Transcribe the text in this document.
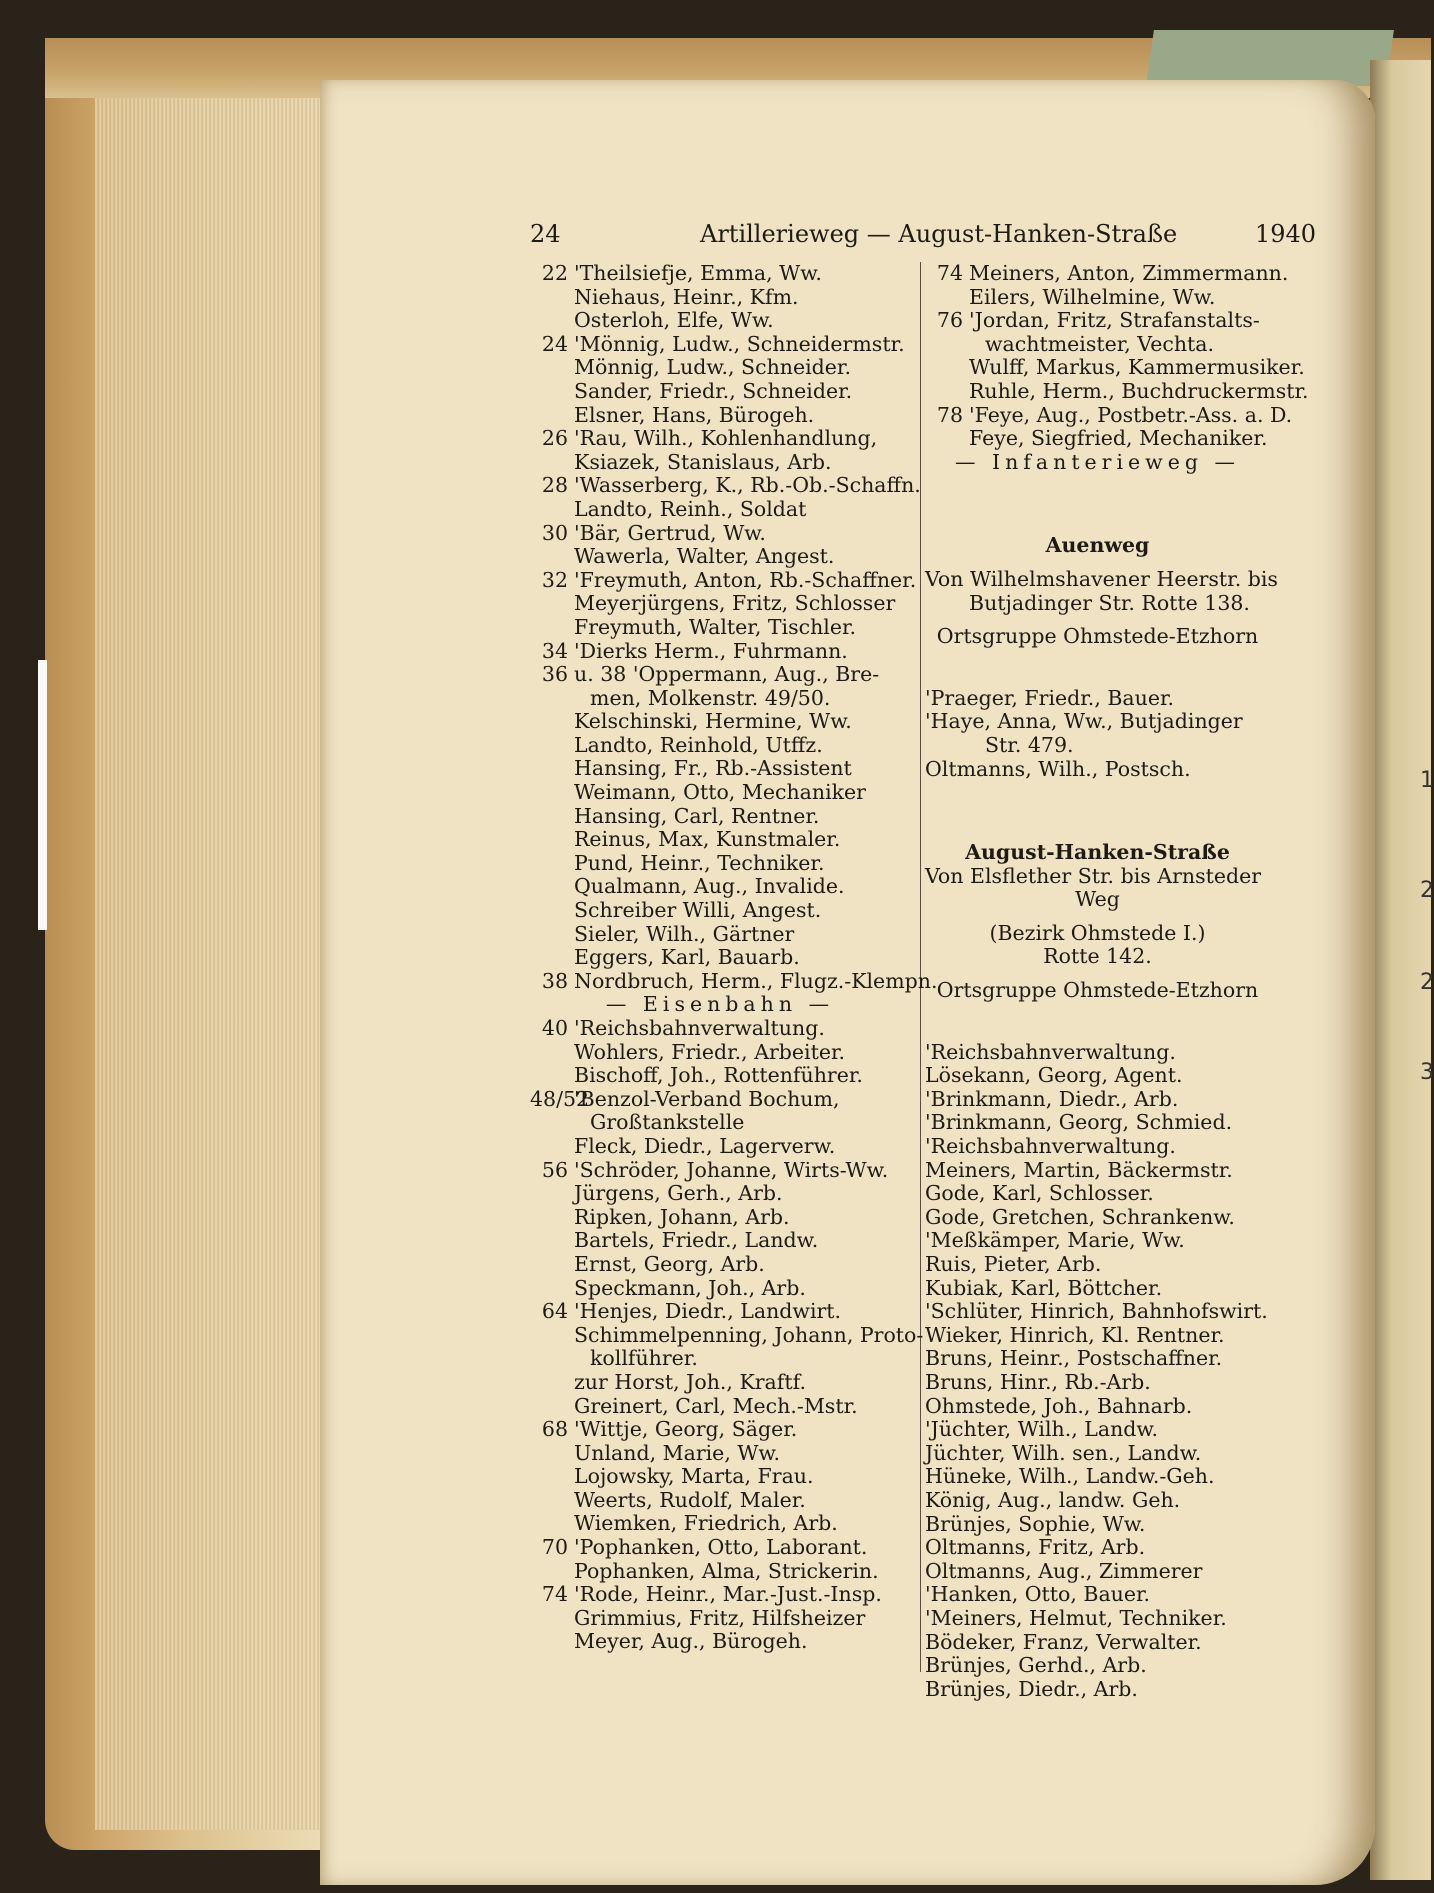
1
2
2
3
24	Artillerieweg — August-Hanken-Straße	1940
22 'Theilsiefje, Emma, Ww.
Niehaus, Heinr., Kfm.
Osterloh, Elfe, Ww.
24 'Mönnig, Ludw., Schneidermstr.
Mönnig, Ludw., Schneider.
Sander, Friedr., Schneider.
Elsner, Hans, Bürogeh.
26 'Rau, Wilh., Kohlenhandlung,
Ksiazek, Stanislaus, Arb.
28 'Wasserberg, K., Rb.-Ob.-Schaffn.
Landto, Reinh., Soldat
30 'Bär, Gertrud, Ww.
Wawerla, Walter, Angest.
32 'Freymuth, Anton, Rb.-Schaffner.
Meyerjürgens, Fritz, Schlosser
Freymuth, Walter, Tischler.
34 'Dierks Herm., Fuhrmann.
36 u. 38 'Oppermann, Aug., Bre-
men, Molkenstr. 49/50.
Kelschinski, Hermine, Ww.
Landto, Reinhold, Utffz.
Hansing, Fr., Rb.-Assistent
Weimann, Otto, Mechaniker
Hansing, Carl, Rentner.
Reinus, Max, Kunstmaler.
Pund, Heinr., Techniker.
Qualmann, Aug., Invalide.
Schreiber Willi, Angest.
Sieler, Wilh., Gärtner
Eggers, Karl, Bauarb.
38 Nordbruch, Herm., Flugz.-Klempn.
— Eisenbahn —
40 'Reichsbahnverwaltung.
Wohlers, Friedr., Arbeiter.
Bischoff, Joh., Rottenführer.
48/52'Benzol-Verband Bochum,
Großtankstelle
Fleck, Diedr., Lagerverw.
56 'Schröder, Johanne, Wirts-Ww.
Jürgens, Gerh., Arb.
Ripken, Johann, Arb.
Bartels, Friedr., Landw.
Ernst, Georg, Arb.
Speckmann, Joh., Arb.
64 'Henjes, Diedr., Landwirt.
Schimmelpenning, Johann, Proto-
kollführer.
zur Horst, Joh., Kraftf.
Greinert, Carl, Mech.-Mstr.
68 'Wittje, Georg, Säger.
Unland, Marie, Ww.
Lojowsky, Marta, Frau.
Weerts, Rudolf, Maler.
Wiemken, Friedrich, Arb.
70 'Pophanken, Otto, Laborant.
Pophanken, Alma, Strickerin.
74 'Rode, Heinr., Mar.-Just.-Insp.
Grimmius, Fritz, Hilfsheizer
Meyer, Aug., Bürogeh.
74 Meiners, Anton, Zimmermann.
Eilers, Wilhelmine, Ww.
76 'Jordan, Fritz, Strafanstalts-
wachtmeister, Vechta.
Wulff, Markus, Kammermusiker.
Ruhle, Herm., Buchdruckermstr.
78 'Feye, Aug., Postbetr.-Ass. a. D.
Feye, Siegfried, Mechaniker.
— Infanterieweg —
Auenweg
Von Wilhelmshavener Heerstr. bis
Butjadinger Str. Rotte 138.
Ortsgruppe Ohmstede-Etzhorn
'Praeger, Friedr., Bauer.
'Haye, Anna, Ww., Butjadinger
Str. 479.
Oltmanns, Wilh., Postsch.
August-Hanken-Straße
Von Elsflether Str. bis Arnsteder
Weg
(Bezirk Ohmstede I.)
Rotte 142.
Ortsgruppe Ohmstede-Etzhorn
'Reichsbahnverwaltung.
Lösekann, Georg, Agent.
'Brinkmann, Diedr., Arb.
'Brinkmann, Georg, Schmied.
'Reichsbahnverwaltung.
Meiners, Martin, Bäckermstr.
Gode, Karl, Schlosser.
Gode, Gretchen, Schrankenw.
'Meßkämper, Marie, Ww.
Ruis, Pieter, Arb.
Kubiak, Karl, Böttcher.
'Schlüter, Hinrich, Bahnhofswirt.
Wieker, Hinrich, Kl. Rentner.
Bruns, Heinr., Postschaffner.
Bruns, Hinr., Rb.-Arb.
Ohmstede, Joh., Bahnarb.
'Jüchter, Wilh., Landw.
Jüchter, Wilh. sen., Landw.
Hüneke, Wilh., Landw.-Geh.
König, Aug., landw. Geh.
Brünjes, Sophie, Ww.
Oltmanns, Fritz, Arb.
Oltmanns, Aug., Zimmerer
'Hanken, Otto, Bauer.
'Meiners, Helmut, Techniker.
Bödeker, Franz, Verwalter.
Brünjes, Gerhd., Arb.
Brünjes, Diedr., Arb.
